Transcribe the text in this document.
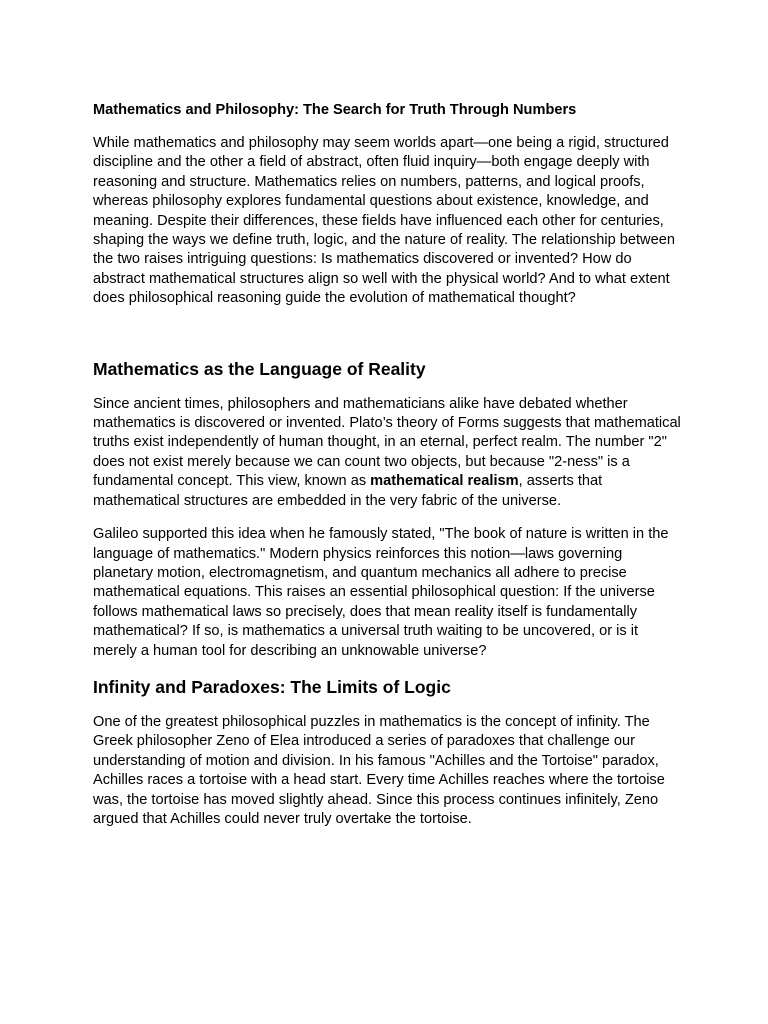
Mathematics and Philosophy: The Search for Truth Through Numbers

While mathematics and philosophy may seem worlds apart—one being a rigid, structured discipline and the other a field of abstract, often fluid inquiry—both engage deeply with reasoning and structure. Mathematics relies on numbers, patterns, and logical proofs, whereas philosophy explores fundamental questions about existence, knowledge, and meaning. Despite their differences, these fields have influenced each other for centuries, shaping the ways we define truth, logic, and the nature of reality. The relationship between the two raises intriguing questions: Is mathematics discovered or invented? How do abstract mathematical structures align so well with the physical world? And to what extent does philosophical reasoning guide the evolution of mathematical thought?

Mathematics as the Language of Reality

Since ancient times, philosophers and mathematicians alike have debated whether mathematics is discovered or invented. Plato’s theory of Forms suggests that mathematical truths exist independently of human thought, in an eternal, perfect realm. The number "2" does not exist merely because we can count two objects, but because "2-ness" is a fundamental concept. This view, known as mathematical realism, asserts that mathematical structures are embedded in the very fabric of the universe.

Galileo supported this idea when he famously stated, "The book of nature is written in the language of mathematics." Modern physics reinforces this notion—laws governing planetary motion, electromagnetism, and quantum mechanics all adhere to precise mathematical equations. This raises an essential philosophical question: If the universe follows mathematical laws so precisely, does that mean reality itself is fundamentally mathematical? If so, is mathematics a universal truth waiting to be uncovered, or is it merely a human tool for describing an unknowable universe?

Infinity and Paradoxes: The Limits of Logic

One of the greatest philosophical puzzles in mathematics is the concept of infinity. The Greek philosopher Zeno of Elea introduced a series of paradoxes that challenge our understanding of motion and division. In his famous "Achilles and the Tortoise" paradox, Achilles races a tortoise with a head start. Every time Achilles reaches where the tortoise was, the tortoise has moved slightly ahead. Since this process continues infinitely, Zeno argued that Achilles could never truly overtake the tortoise.
